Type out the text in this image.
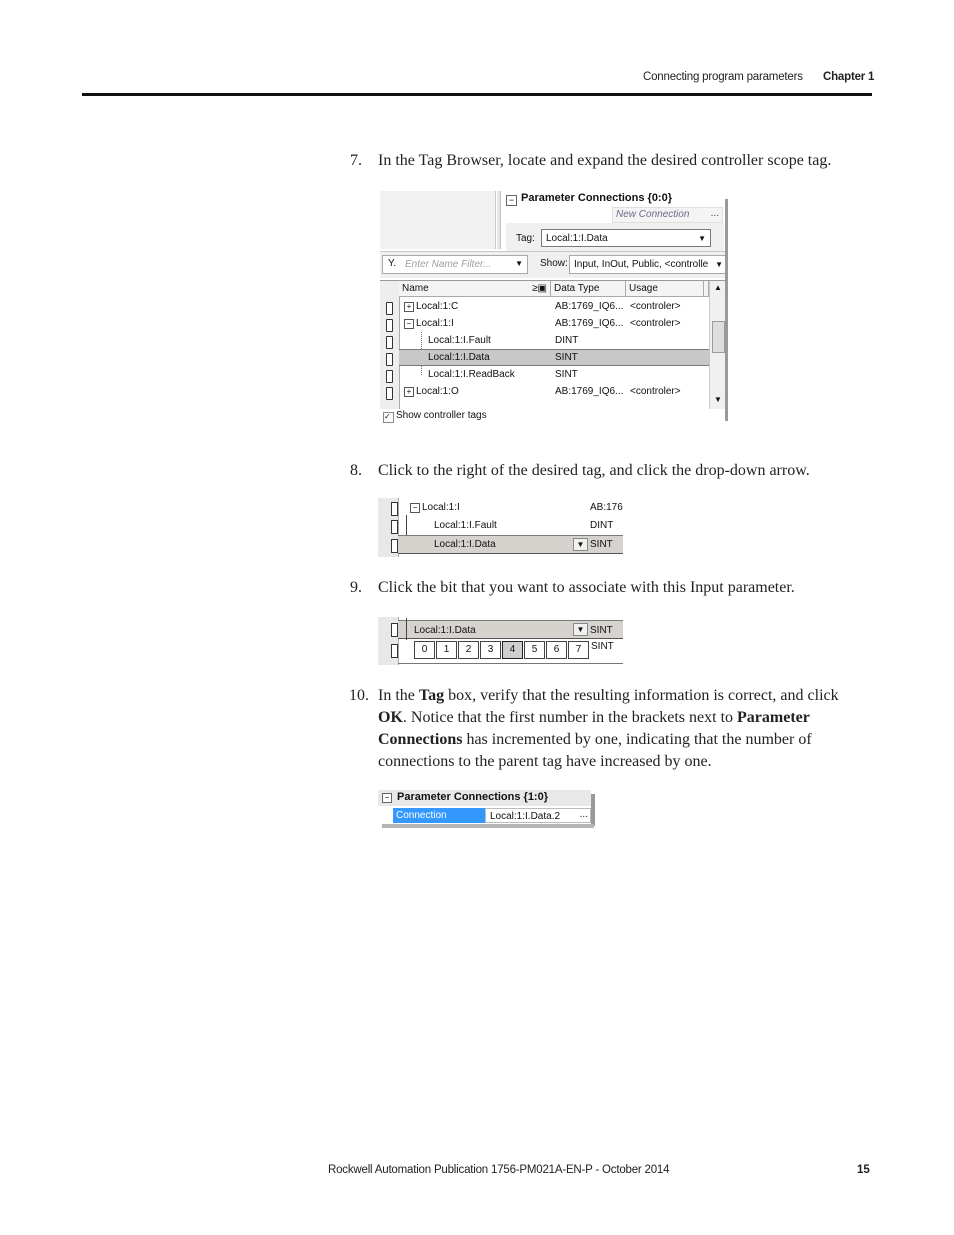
Connecting program parameters Chapter 1
7. In the Tag Browser, locate and expand the desired controller scope tag.
− Parameter Connections {0:0}
New Connection ...
Tag:	Local:1:I.Data	▼
Y. Enter Name Filter...	▼ Show: Input, InOut, Public, <controlle ▼
Name	≥▣ Data Type	Usage
+ Local:1:C	AB:1769_IQ6... <controler>
− Local:1:I	AB:1769_IQ6... <controler>
Local:1:I.Fault	DINT
Local:1:I.Data	SINT
Local:1:I.ReadBack	SINT
+ Local:1:O	AB:1769_IQ6... <controler>
▲
▼
✓ Show controller tags
8. Click to the right of the desired tag, and click the drop-down arrow.
− Local:1:I	AB:176
Local:1:I.Fault	DINT
Local:1:I.Data	▼ SINT
9. Click the bit that you want to associate with this Input parameter.
Local:1:I.Data	▼ SINT
0	1	2	3	4	5	6	7 SINT
10. In the Tag box, verify that the resulting information is correct, and click OK. Notice that the first number in the brackets next to Parameter Connections has incremented by one, indicating that the number of connections to the parent tag have increased by one.
− Parameter Connections {1:0}
Connection	Local:1:I.Data.2 ...
Rockwell Automation Publication 1756-PM021A-EN-P - October 2014	15
